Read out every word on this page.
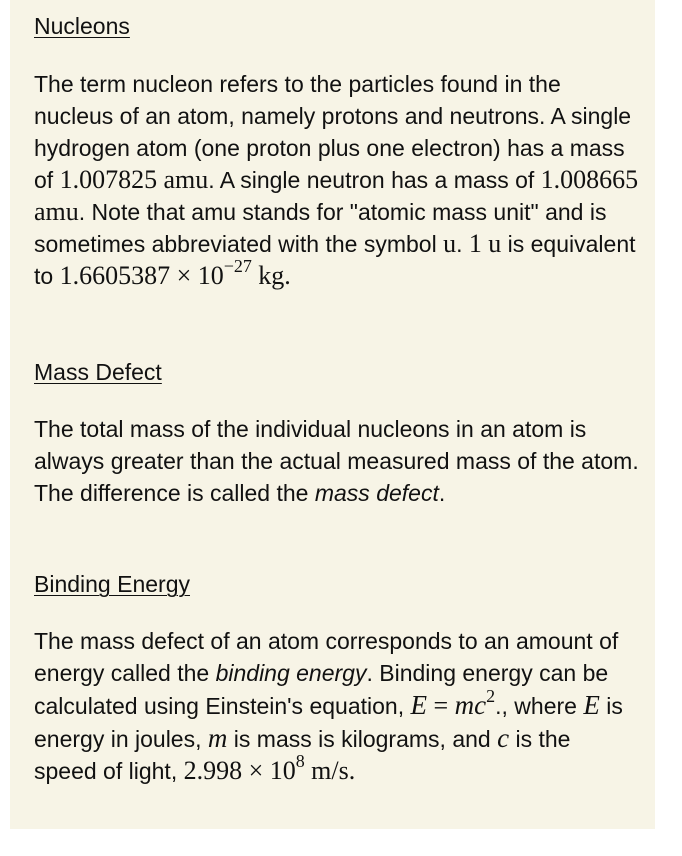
Nucleons
The term nucleon refers to the particles found in the nucleus of an atom, namely protons and neutrons. A single hydrogen atom (one proton plus one electron) has a mass of 1.007825 amu. A single neutron has a mass of 1.008665 amu. Note that amu stands for "atomic mass unit" and is sometimes abbreviated with the symbol u. 1 u is equivalent to $1.6605387 \times 10^{-27}$ kg.
Mass Defect
The total mass of the individual nucleons in an atom is always greater than the actual measured mass of the atom. The difference is called the mass defect.
Binding Energy
The mass defect of an atom corresponds to an amount of energy called the binding energy. Binding energy can be calculated using Einstein's equation, $E = mc^2$., where E is energy in joules, m is mass is kilograms, and c is the speed of light, $2.998 \times 10^8$ m/s.
